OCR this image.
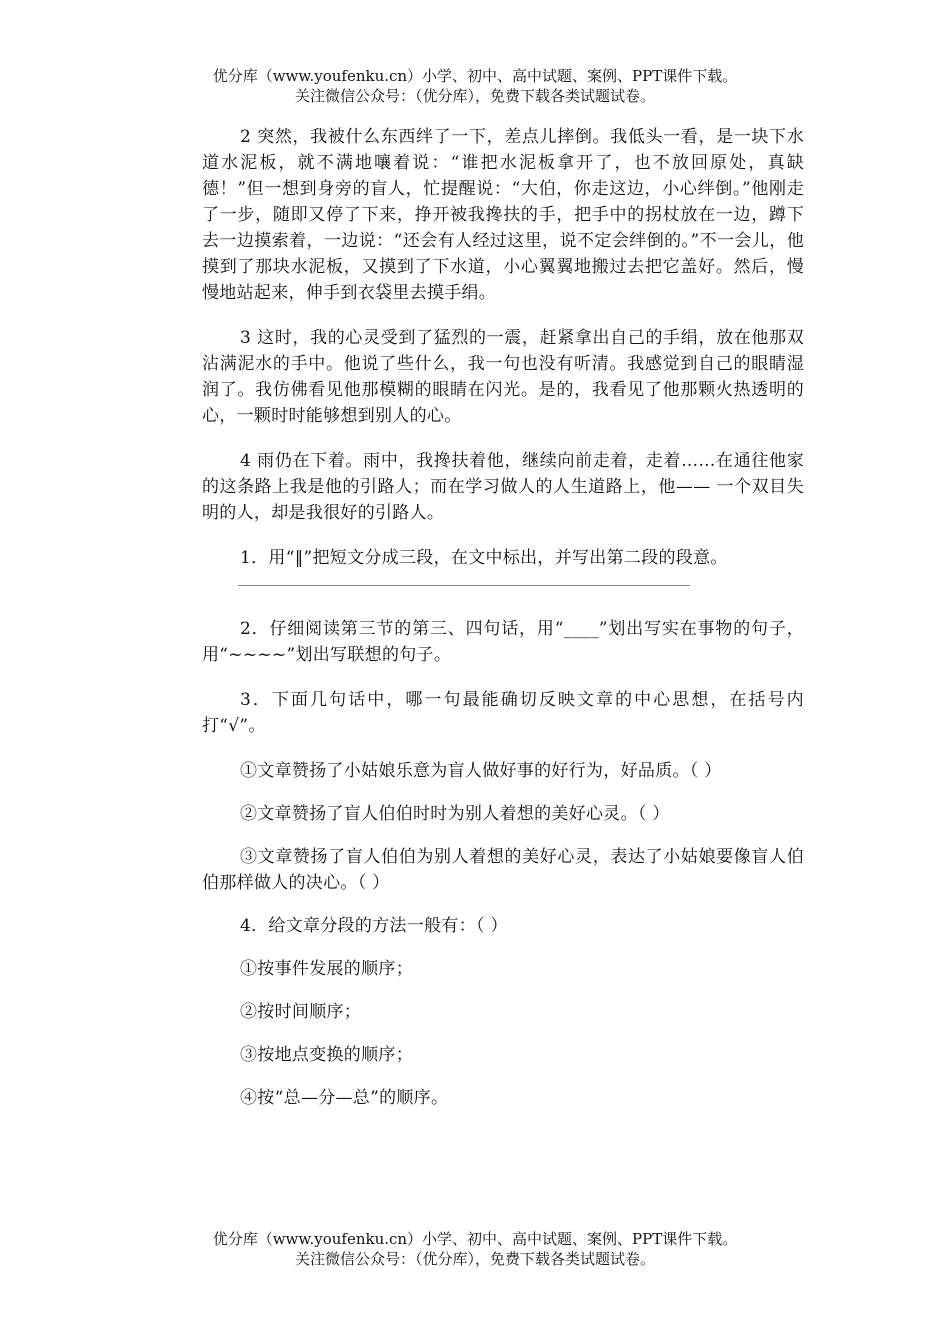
优分库（www.youfenku.cn）小学、初中、高中试题、案例、PPT课件下载。
关注微信公众号：（优分库），免费下载各类试题试卷。

2 突然，我被什么东西绊了一下，差点儿摔倒。我低头一看，是一块下水道水泥板，就不满地嚷着说：“谁把水泥板拿开了，也不放回原处，真缺德！”但一想到身旁的盲人，忙提醒说：“大伯，你走这边，小心绊倒。”他刚走了一步，随即又停了下来，挣开被我搀扶的手，把手中的拐杖放在一边，蹲下去一边摸索着，一边说：“还会有人经过这里，说不定会绊倒的。”不一会儿，他摸到了那块水泥板，又摸到了下水道，小心翼翼地搬过去把它盖好。然后，慢慢地站起来，伸手到衣袋里去摸手绢。

3 这时，我的心灵受到了猛烈的一震，赶紧拿出自己的手绢，放在他那双沾满泥水的手中。他说了些什么，我一句也没有听清。我感觉到自己的眼睛湿润了。我仿佛看见他那模糊的眼睛在闪光。是的，我看见了他那颗火热透明的心，一颗时时能够想到别人的心。

4 雨仍在下着。雨中，我搀扶着他，继续向前走着，走着……在通往他家的这条路上我是他的引路人；而在学习做人的人生道路上，他—— 一个双目失明的人，却是我很好的引路人。

1．用“‖”把短文分成三段，在文中标出，并写出第二段的段意。

2．仔细阅读第三节的第三、四句话，用“____”划出写实在事物的句子，用“~~~~”划出写联想的句子。

3．下面几句话中，哪一句最能确切反映文章的中心思想，在括号内打“√”。

①文章赞扬了小姑娘乐意为盲人做好事的好行为，好品质。（ ）

②文章赞扬了盲人伯伯时时为别人着想的美好心灵。（ ）

③文章赞扬了盲人伯伯为别人着想的美好心灵，表达了小姑娘要像盲人伯伯那样做人的决心。（ ）

4．给文章分段的方法一般有：（ ）

①按事件发展的顺序；

②按时间顺序；

③按地点变换的顺序；

④按“总—分—总”的顺序。

优分库（www.youfenku.cn）小学、初中、高中试题、案例、PPT课件下载。
关注微信公众号：（优分库），免费下载各类试题试卷。
